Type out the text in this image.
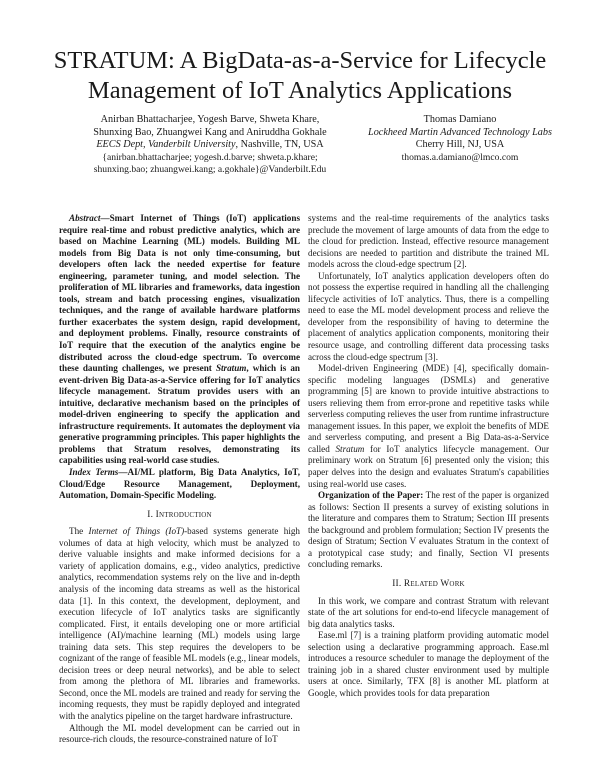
STRATUM: A BigData-as-a-Service for Lifecycle
Management of IoT Analytics Applications
Anirban Bhattacharjee, Yogesh Barve, Shweta Khare,
Shunxing Bao, Zhuangwei Kang and Aniruddha Gokhale
EECS Dept, Vanderbilt University, Nashville, TN, USA
{anirban.bhattacharjee; yogesh.d.barve; shweta.p.khare;
shunxing.bao; zhuangwei.kang; a.gokhale}@Vanderbilt.Edu
Thomas Damiano
Lockheed Martin Advanced Technology Labs
Cherry Hill, NJ, USA
thomas.a.damiano@lmco.com

Abstract—Smart Internet of Things (IoT) applications require real-time and robust predictive analytics, which are based on Machine Learning (ML) models. Building ML models from Big Data is not only time-consuming, but developers often lack the needed expertise for feature engineering, parameter tuning, and model selection. The proliferation of ML libraries and frameworks, data ingestion tools, stream and batch processing engines, visualization techniques, and the range of available hardware platforms further exacerbates the system design, rapid development, and deployment problems. Finally, resource constraints of IoT require that the execution of the analytics engine be distributed across the cloud-edge spectrum. To overcome these daunting challenges, we present Stratum, which is an event-driven Big Data-as-a-Service offering for IoT analytics lifecycle management. Stratum provides users with an intuitive, declarative mechanism based on the principles of model-driven engineering to specify the application and infrastructure requirements. It automates the deployment via generative programming principles. This paper highlights the problems that Stratum resolves, demonstrating its capabilities using real-world case studies.

Index Terms—AI/ML platform, Big Data Analytics, IoT, Cloud/Edge Resource Management, Deployment, Automation, Domain-Specific Modeling.

I. Introduction

The Internet of Things (IoT)-based systems generate high volumes of data at high velocity, which must be analyzed to derive valuable insights and make informed decisions for a variety of application domains, e.g., video analytics, predictive analytics, recommendation systems rely on the live and in-depth analysis of the incoming data streams as well as the historical data [1]. In this context, the development, deployment, and execution lifecycle of IoT analytics tasks are significantly complicated. First, it entails developing one or more artificial intelligence (AI)/machine learning (ML) models using large training data sets. This step requires the developers to be cognizant of the range of feasible ML models (e.g., linear models, decision trees or deep neural networks), and be able to select from among the plethora of ML libraries and frameworks. Second, once the ML models are trained and ready for serving the incoming requests, they must be rapidly deployed and integrated with the analytics pipeline on the target hardware infrastructure.

Although the ML model development can be carried out in resource-rich clouds, the resource-constrained nature of IoT

systems and the real-time requirements of the analytics tasks preclude the movement of large amounts of data from the edge to the cloud for prediction. Instead, effective resource management decisions are needed to partition and distribute the trained ML models across the cloud-edge spectrum [2].

Unfortunately, IoT analytics application developers often do not possess the expertise required in handling all the challenging lifecycle activities of IoT analytics. Thus, there is a compelling need to ease the ML model development process and relieve the developer from the responsibility of having to determine the placement of analytics application components, monitoring their resource usage, and controlling different data processing tasks across the cloud-edge spectrum [3].

Model-driven Engineering (MDE) [4], specifically domain-specific modeling languages (DSMLs) and generative programming [5] are known to provide intuitive abstractions to users relieving them from error-prone and repetitive tasks while serverless computing relieves the user from runtime infrastructure management issues. In this paper, we exploit the benefits of MDE and serverless computing, and present a Big Data-as-a-Service called Stratum for IoT analytics lifecycle management. Our preliminary work on Stratum [6] presented only the vision; this paper delves into the design and evaluates Stratum's capabilities using real-world use cases.

Organization of the Paper: The rest of the paper is organized as follows: Section II presents a survey of existing solutions in the literature and compares them to Stratum; Section III presents the background and problem formulation; Section IV presents the design of Stratum; Section V evaluates Stratum in the context of a prototypical case study; and finally, Section VI presents concluding remarks.

II. Related Work

In this work, we compare and contrast Stratum with relevant state of the art solutions for end-to-end lifecycle management of big data analytics tasks.

Ease.ml [7] is a training platform providing automatic model selection using a declarative programming approach. Ease.ml introduces a resource scheduler to manage the deployment of the training job in a shared cluster environment used by multiple users at once. Similarly, TFX [8] is another ML platform at Google, which provides tools for data preparation
